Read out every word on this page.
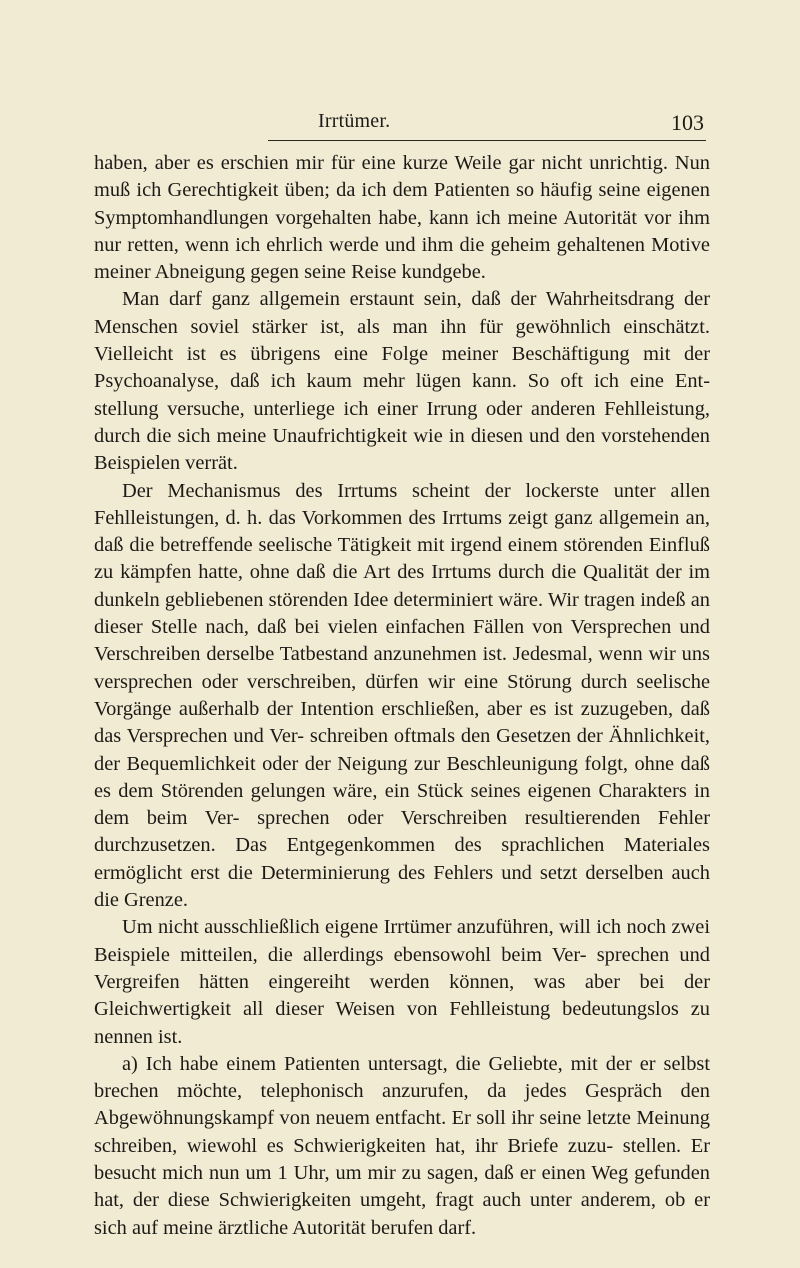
Irrtümer.	103

haben, aber es erschien mir für eine kurze Weile gar nicht unrichtig. Nun muß ich Gerechtigkeit üben; da ich dem Patienten so häufig seine eigenen Symptomhandlungen vorgehalten habe, kann ich meine Autorität vor ihm nur retten, wenn ich ehrlich werde und ihm die geheim gehaltenen Motive meiner Abneigung gegen seine Reise kundgebe.

Man darf ganz allgemein erstaunt sein, daß der Wahrheitsdrang der Menschen soviel stärker ist, als man ihn für gewöhnlich einschätzt. Vielleicht ist es übrigens eine Folge meiner Beschäftigung mit der Psychoanalyse, daß ich kaum mehr lügen kann. So oft ich eine Ent- stellung versuche, unterliege ich einer Irrung oder anderen Fehlleistung, durch die sich meine Unaufrichtigkeit wie in diesen und den vorstehenden Beispielen verrät.

Der Mechanismus des Irrtums scheint der lockerste unter allen Fehlleistungen, d. h. das Vorkommen des Irrtums zeigt ganz allgemein an, daß die betreffende seelische Tätigkeit mit irgend einem störenden Einfluß zu kämpfen hatte, ohne daß die Art des Irrtums durch die Qualität der im dunkeln gebliebenen störenden Idee determiniert wäre. Wir tragen indeß an dieser Stelle nach, daß bei vielen einfachen Fällen von Versprechen und Verschreiben derselbe Tatbestand anzunehmen ist. Jedesmal, wenn wir uns versprechen oder verschreiben, dürfen wir eine Störung durch seelische Vorgänge außerhalb der Intention erschließen, aber es ist zuzugeben, daß das Versprechen und Ver- schreiben oftmals den Gesetzen der Ähnlichkeit, der Bequemlichkeit oder der Neigung zur Beschleunigung folgt, ohne daß es dem Störenden gelungen wäre, ein Stück seines eigenen Charakters in dem beim Ver- sprechen oder Verschreiben resultierenden Fehler durchzusetzen. Das Entgegenkommen des sprachlichen Materiales ermöglicht erst die Determinierung des Fehlers und setzt derselben auch die Grenze.

Um nicht ausschließlich eigene Irrtümer anzuführen, will ich noch zwei Beispiele mitteilen, die allerdings ebensowohl beim Ver- sprechen und Vergreifen hätten eingereiht werden können, was aber bei der Gleichwertigkeit all dieser Weisen von Fehlleistung bedeutungslos zu nennen ist.

a) Ich habe einem Patienten untersagt, die Geliebte, mit der er selbst brechen möchte, telephonisch anzurufen, da jedes Gespräch den Abgewöhnungskampf von neuem entfacht. Er soll ihr seine letzte Meinung schreiben, wiewohl es Schwierigkeiten hat, ihr Briefe zuzu- stellen. Er besucht mich nun um 1 Uhr, um mir zu sagen, daß er einen Weg gefunden hat, der diese Schwierigkeiten umgeht, fragt auch unter anderem, ob er sich auf meine ärztliche Autorität berufen darf.
